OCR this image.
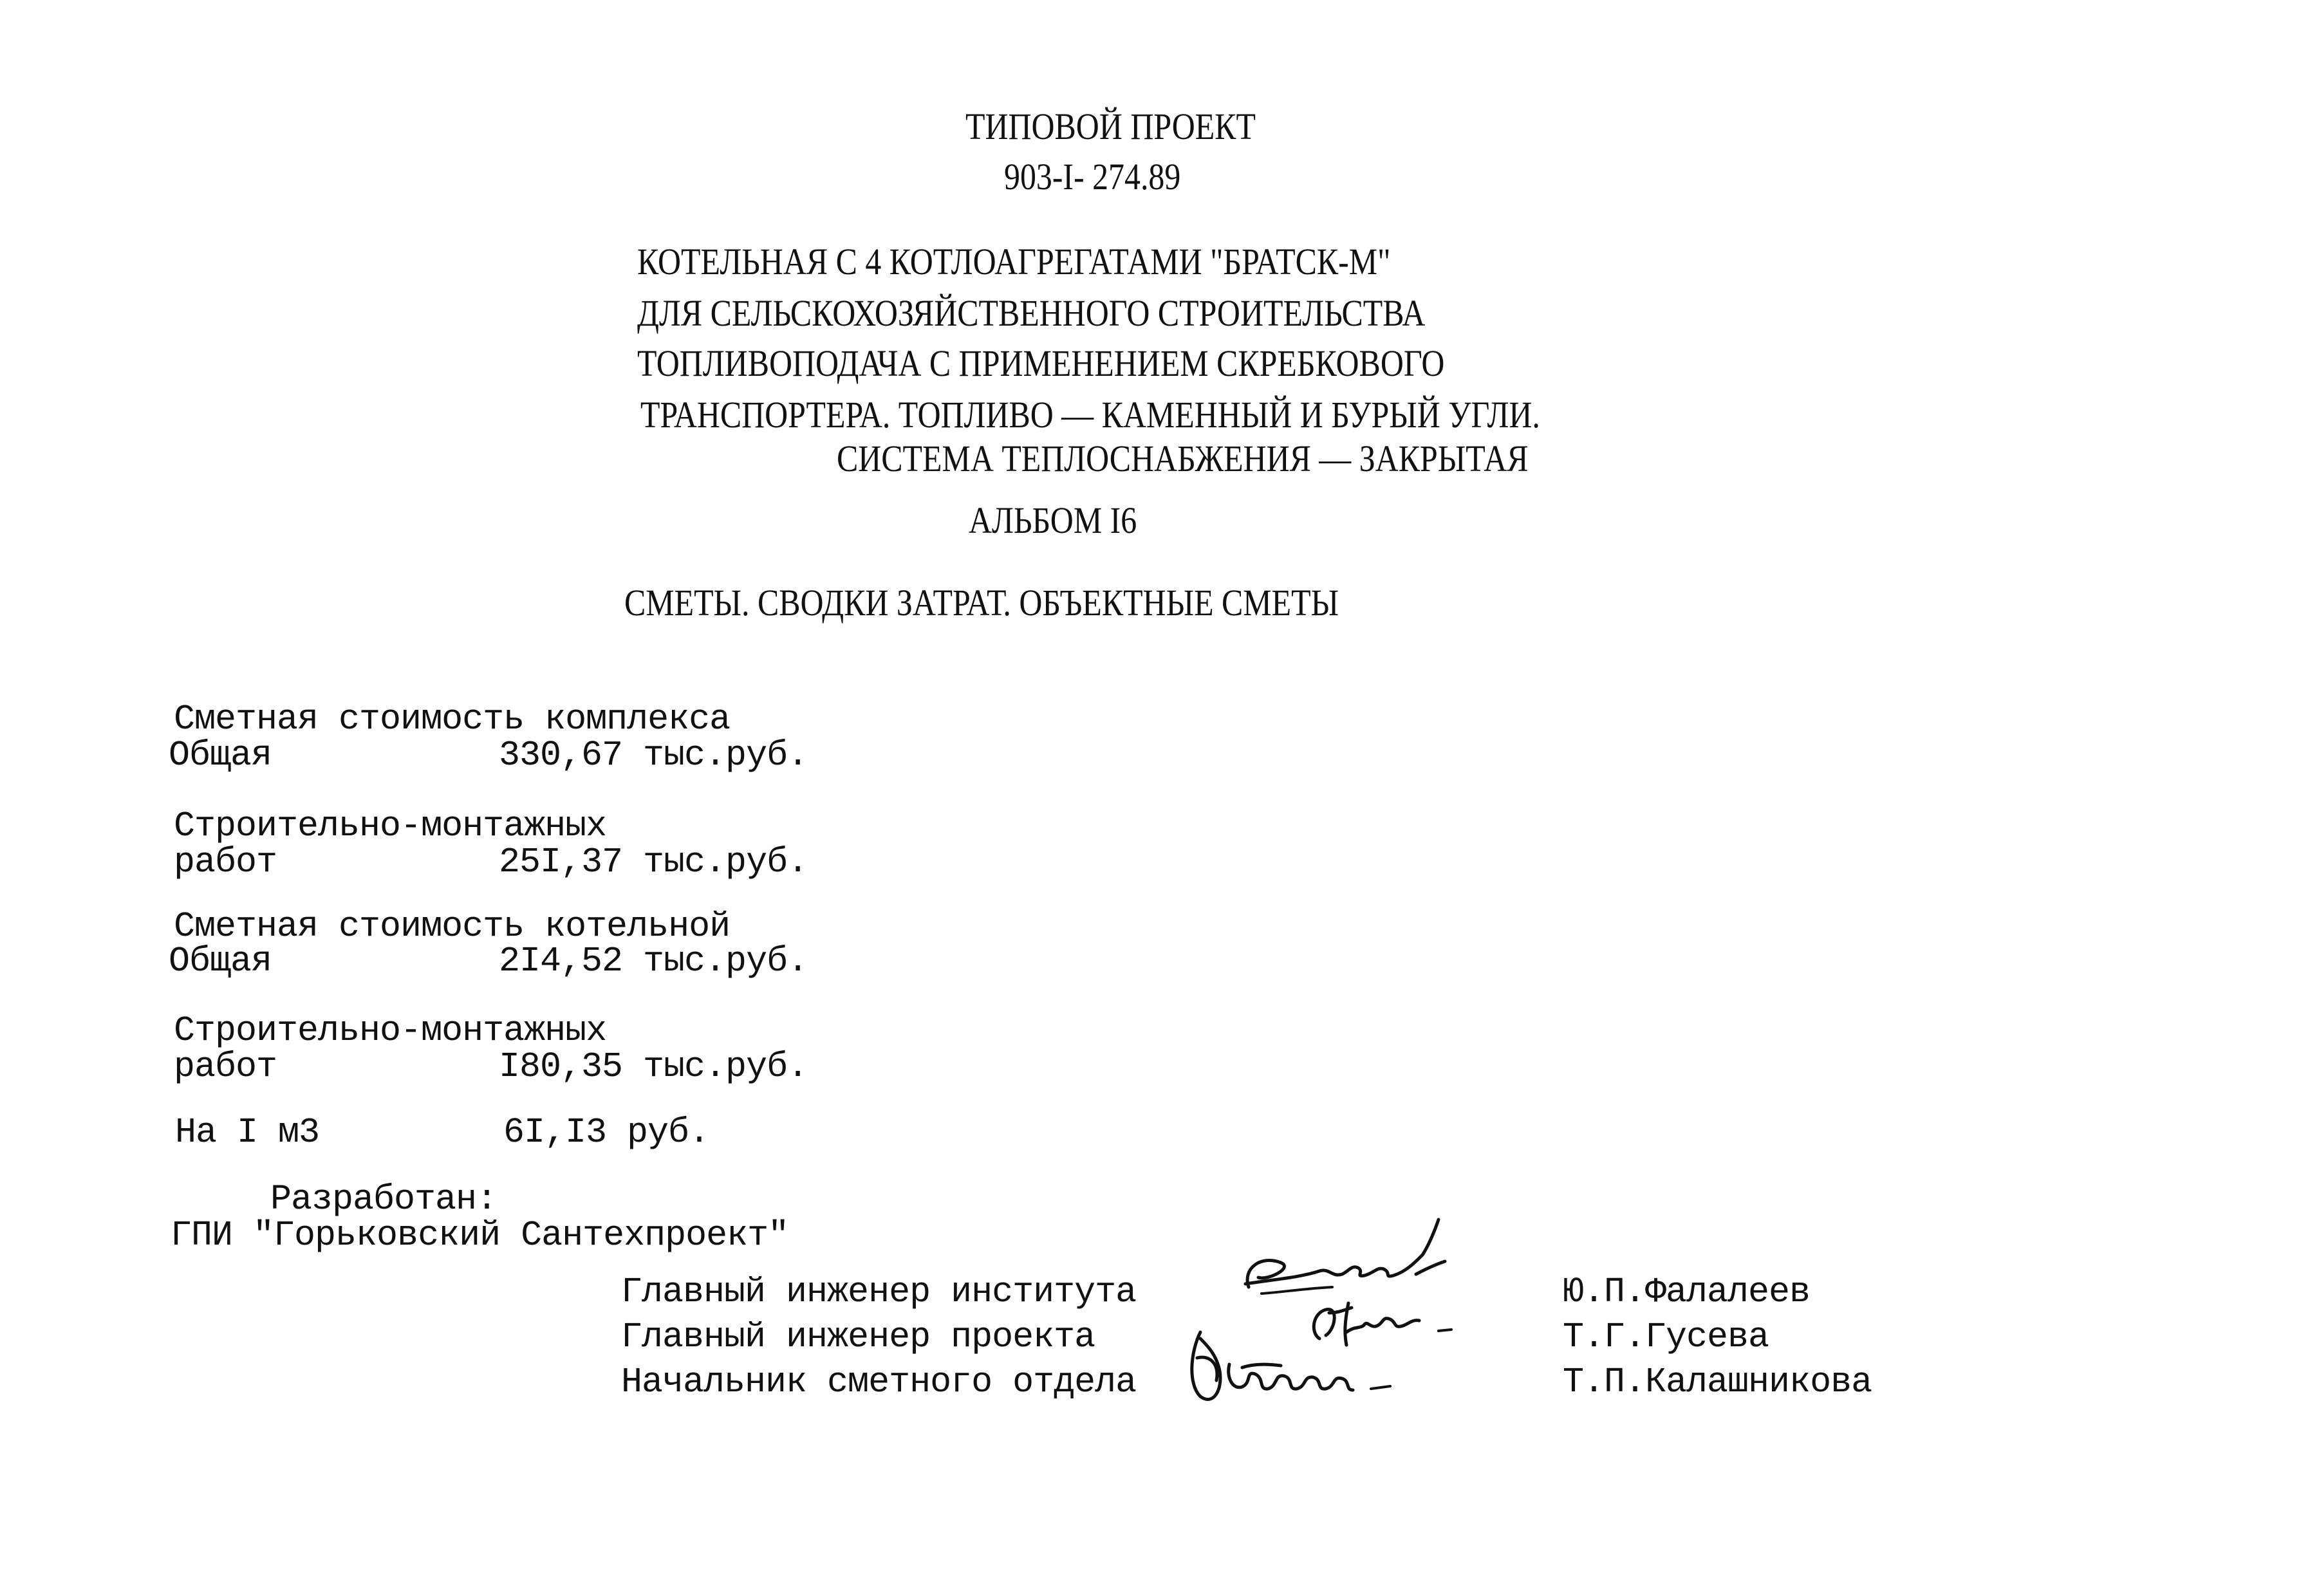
ТИПОВОЙ ПРОЕКТ
903-I- 274.89
КОТЕЛЬНАЯ С 4 КОТЛОАГРЕГАТАМИ "БРАТСК-М"
ДЛЯ СЕЛЬСКОХОЗЯЙСТВЕННОГО СТРОИТЕЛЬСТВА
ТОПЛИВОПОДАЧА С ПРИМЕНЕНИЕМ СКРЕБКОВОГО
ТРАНСПОРТЕРА. ТОПЛИВО — КАМЕННЫЙ И БУРЫЙ УГЛИ.
СИСТЕМА ТЕПЛОСНАБЖЕНИЯ — ЗАКРЫТАЯ
АЛЬБОМ I6
СМЕТЫ. СВОДКИ ЗАТРАТ. ОБЪЕКТНЫЕ СМЕТЫ
Сметная стоимость комплекса
Общая	330,67 тыс.руб.
Строительно-монтажных
работ	25I,37 тыс.руб.
Сметная стоимость котельной
Общая	2I4,52 тыс.руб.
Строительно-монтажных
работ	I80,35 тыс.руб.
На I м3	6I,I3 руб.
Разработан:
ГПИ "Горьковский Сантехпроект"
Главный инженер института	Ю.П.Фалалеев
Главный инженер проекта	Т.Г.Гусева
Начальник сметного отдела	Т.П.Калашникова
